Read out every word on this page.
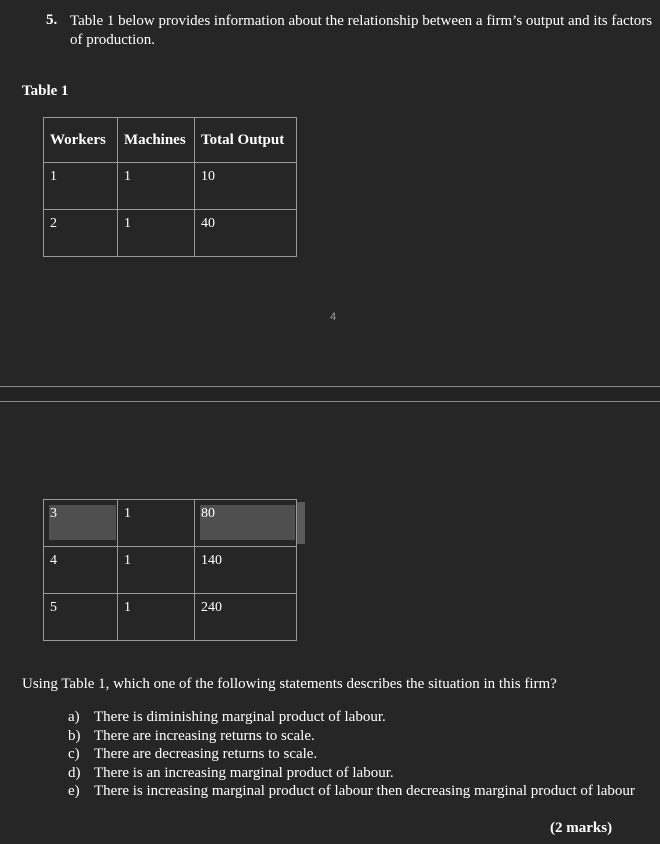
5. Table 1 below provides information about the relationship between a firm’s output and its factors of production.
Table 1
Workers	Machines	Total Output
1	1	10
2	1	40
4
3	1	80
4	1	140
5	1	240
Using Table 1, which one of the following statements describes the situation in this firm?
a) There is diminishing marginal product of labour.
b) There are increasing returns to scale.
c) There are decreasing returns to scale.
d) There is an increasing marginal product of labour.
e) There is increasing marginal product of labour then decreasing marginal product of labour
(2 marks)
